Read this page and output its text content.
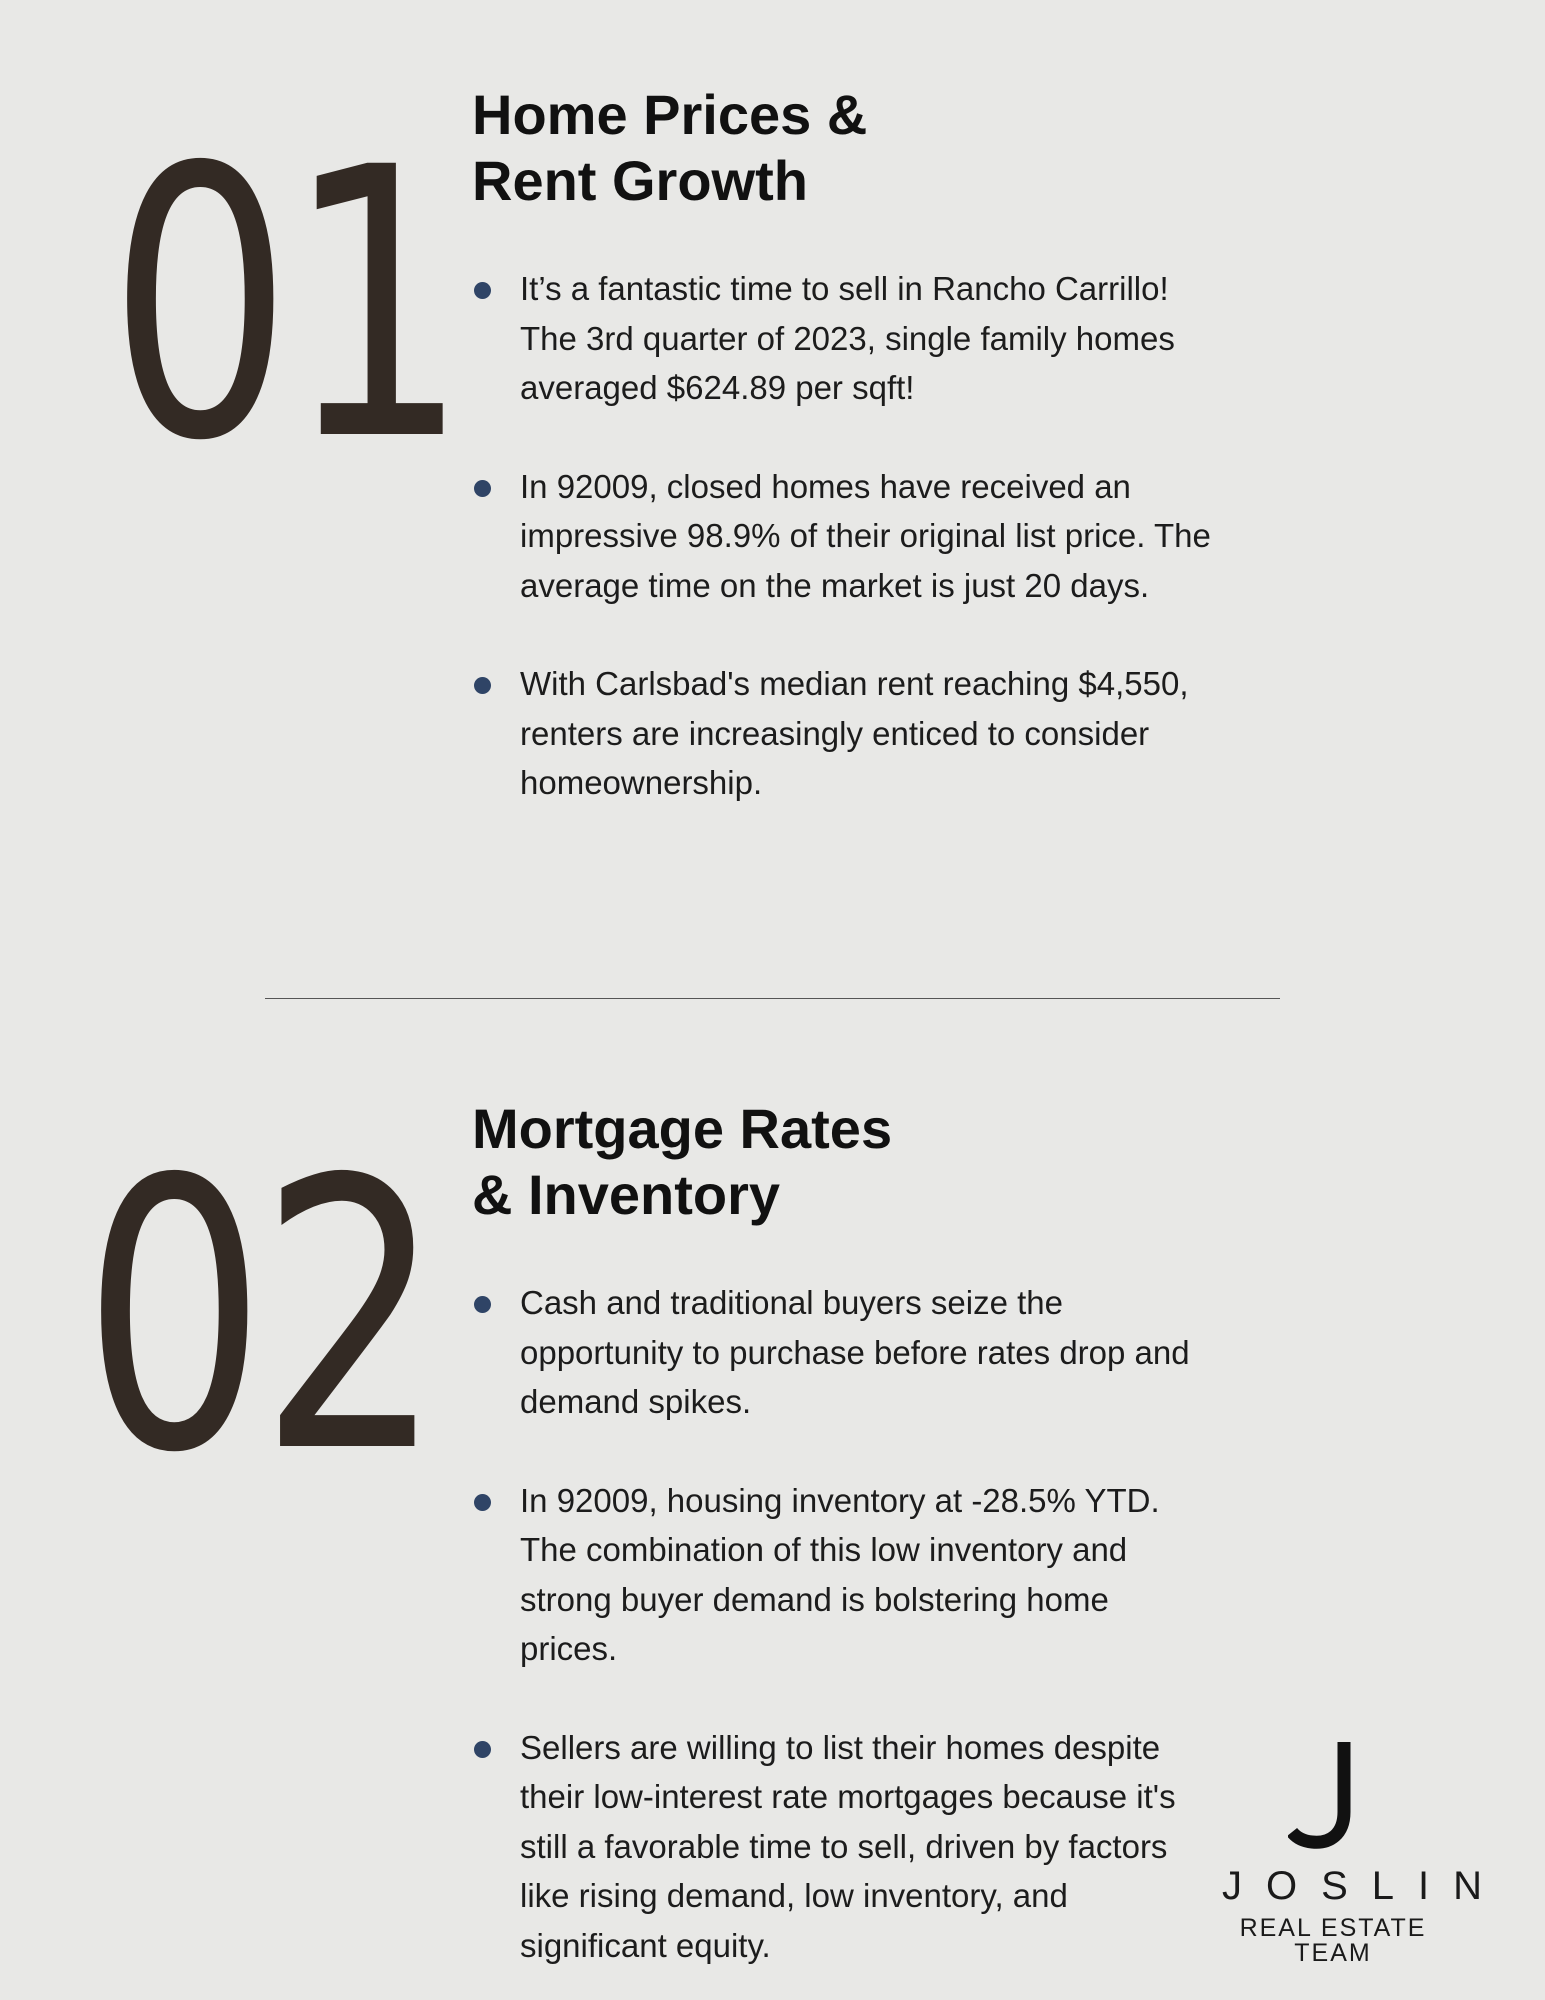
01 Home Prices &
Rent Growth
It’s a fantastic time to sell in Rancho Carrillo! The 3rd quarter of 2023, single family homes averaged $624.89 per sqft!
In 92009, closed homes have received an impressive 98.9% of their original list price. The average time on the market is just 20 days.
With Carlsbad's median rent reaching $4,550, renters are increasingly enticed to consider homeownership.
02 Mortgage Rates
& Inventory
Cash and traditional buyers seize the opportunity to purchase before rates drop and demand spikes.
In 92009, housing inventory at -28.5% YTD. The combination of this low inventory and strong buyer demand is bolstering home prices.
Sellers are willing to list their homes despite their low-interest rate mortgages because it's still a favorable time to sell, driven by factors like rising demand, low inventory, and significant equity.
JOSLIN
REAL ESTATE TEAM
